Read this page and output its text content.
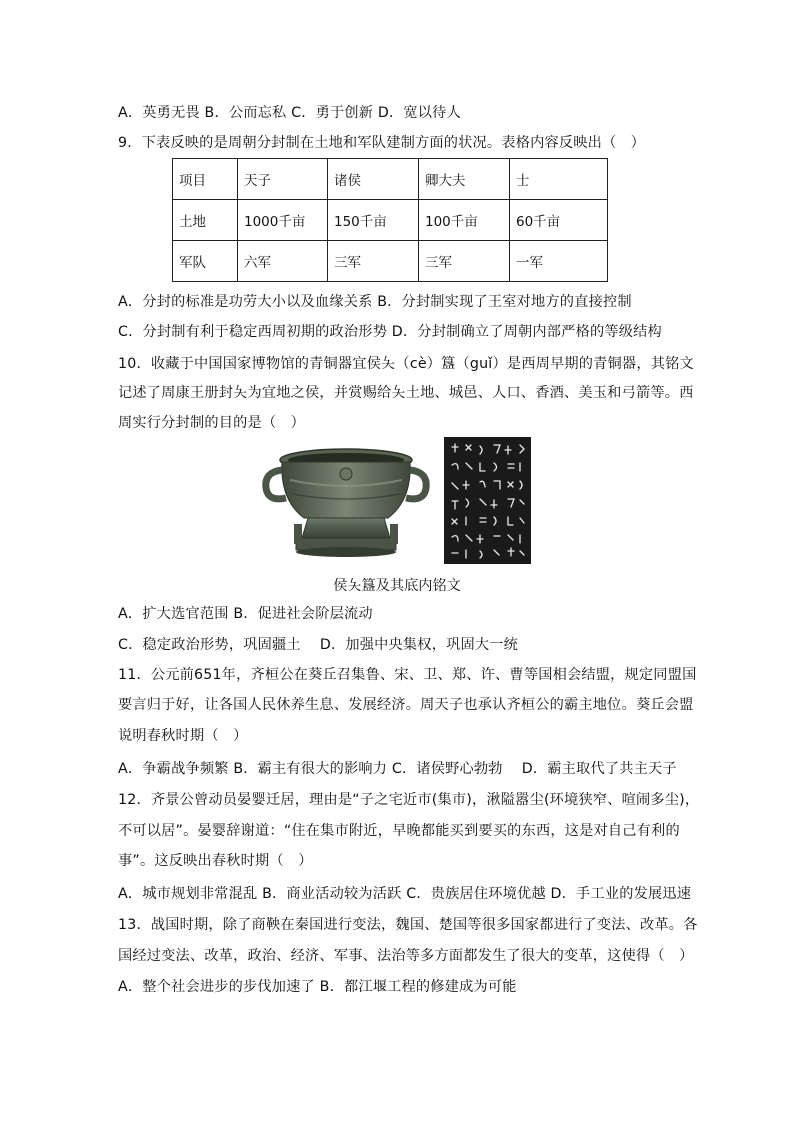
A．英勇无畏 B．公而忘私 C．勇于创新 D．宽以待人
9．下表反映的是周朝分封制在土地和军队建制方面的状况。表格内容反映出（　）
项目	天子	诸侯	卿大夫	士
土地	1000千亩	150千亩	100千亩	60千亩
军队	六军	三军	三军	一军
A．分封的标准是功劳大小以及血缘关系 B．分封制实现了王室对地方的直接控制
C．分封制有利于稳定西周初期的政治形势 D．分封制确立了周朝内部严格的等级结构
10．收藏于中国国家博物馆的青铜器宜侯夨（cè）簋（guǐ）是西周早期的青铜器，其铭文
记述了周康王册封夨为宜地之侯，并赏赐给夨土地、城邑、人口、香酒、美玉和弓箭等。西
周实行分封制的目的是（　）
侯夨簋及其底内铭文
A．扩大选官范围 B．促进社会阶层流动
C．稳定政治形势，巩固疆土　 D．加强中央集权，巩固大一统
11．公元前651年，齐桓公在葵丘召集鲁、宋、卫、郑、许、曹等国相会结盟，规定同盟国
要言归于好，让各国人民休养生息、发展经济。周天子也承认齐桓公的霸主地位。葵丘会盟
说明春秋时期（　）
A．争霸战争频繁 B．霸主有很大的影响力 C．诸侯野心勃勃　 D．霸主取代了共主天子
12．齐景公曾动员晏婴迁居，理由是“子之宅近市(集市)，湫隘嚣尘(环境狭窄、喧闹多尘)，
不可以居”。晏婴辞谢道：“住在集市附近，早晚都能买到要买的东西，这是对自己有利的
事”。这反映出春秋时期（　）
A．城市规划非常混乱 B．商业活动较为活跃 C．贵族居住环境优越 D．手工业的发展迅速
13．战国时期，除了商鞅在秦国进行变法，魏国、楚国等很多国家都进行了变法、改革。各
国经过变法、改革，政治、经济、军事、法治等多方面都发生了很大的变革，这使得（　）
A．整个社会进步的步伐加速了 B．都江堰工程的修建成为可能
